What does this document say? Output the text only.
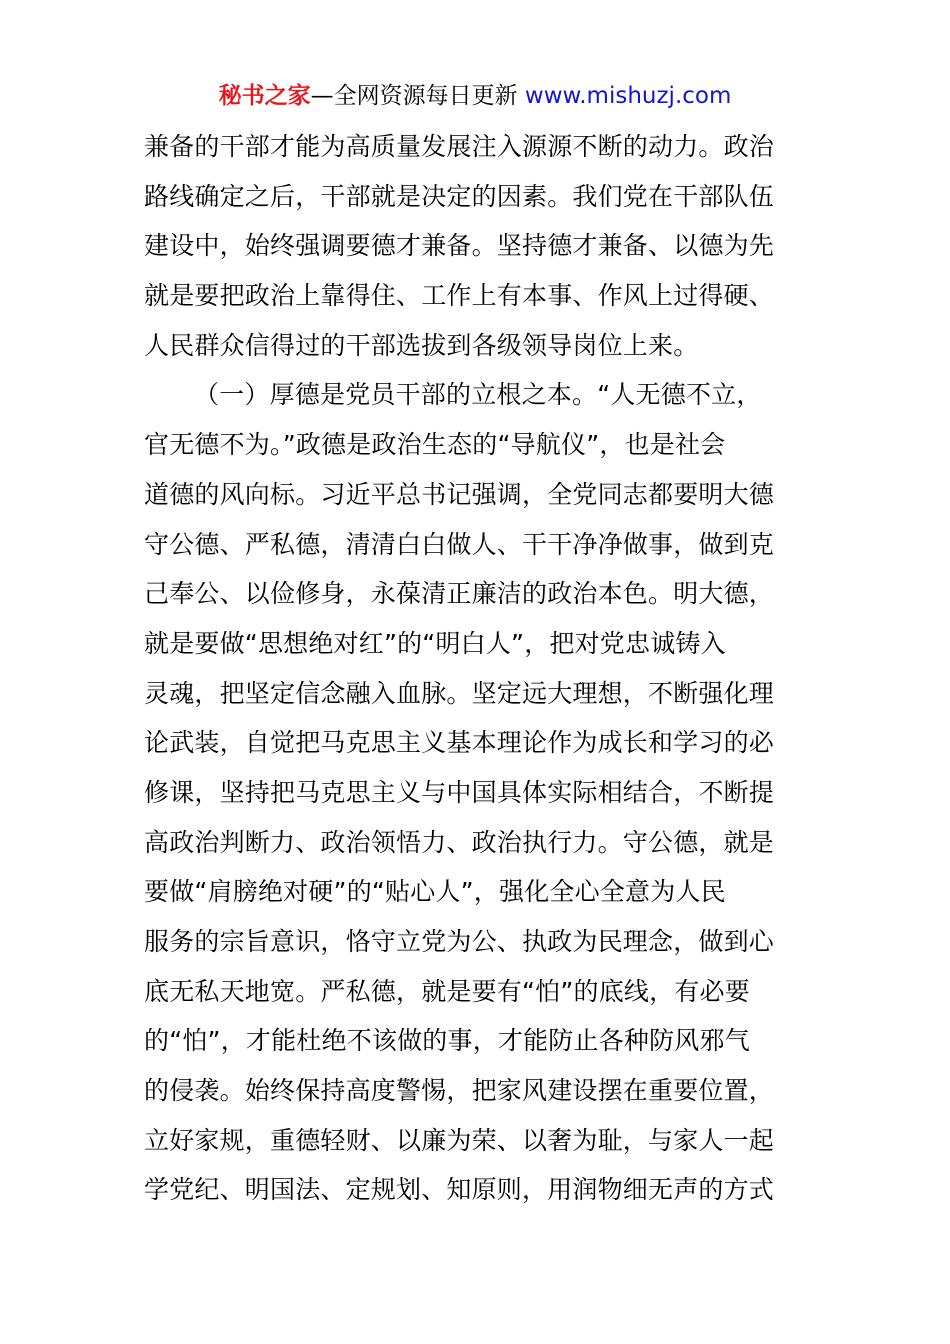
秘书之家—全网资源每日更新 www.mishuzj.com
兼备的干部才能为高质量发展注入源源不断的动力。政治
路线确定之后，干部就是决定的因素。我们党在干部队伍
建设中，始终强调要德才兼备。坚持德才兼备、以德为先
就是要把政治上靠得住、工作上有本事、作风上过得硬、
人民群众信得过的干部选拔到各级领导岗位上来。
（一）厚德是党员干部的立根之本。“人无德不立，
官无德不为。”政德是政治生态的“导航仪”，也是社会
道德的风向标。习近平总书记强调，全党同志都要明大德
守公德、严私德，清清白白做人、干干净净做事，做到克
己奉公、以俭修身，永葆清正廉洁的政治本色。明大德，
就是要做“思想绝对红”的“明白人”，把对党忠诚铸入
灵魂，把坚定信念融入血脉。坚定远大理想，不断强化理
论武装，自觉把马克思主义基本理论作为成长和学习的必
修课，坚持把马克思主义与中国具体实际相结合，不断提
高政治判断力、政治领悟力、政治执行力。守公德，就是
要做“肩膀绝对硬”的“贴心人”，强化全心全意为人民
服务的宗旨意识，恪守立党为公、执政为民理念，做到心
底无私天地宽。严私德，就是要有“怕”的底线，有必要
的“怕”，才能杜绝不该做的事，才能防止各种防风邪气
的侵袭。始终保持高度警惕，把家风建设摆在重要位置，
立好家规，重德轻财、以廉为荣、以奢为耻，与家人一起
学党纪、明国法、定规划、知原则，用润物细无声的方式
